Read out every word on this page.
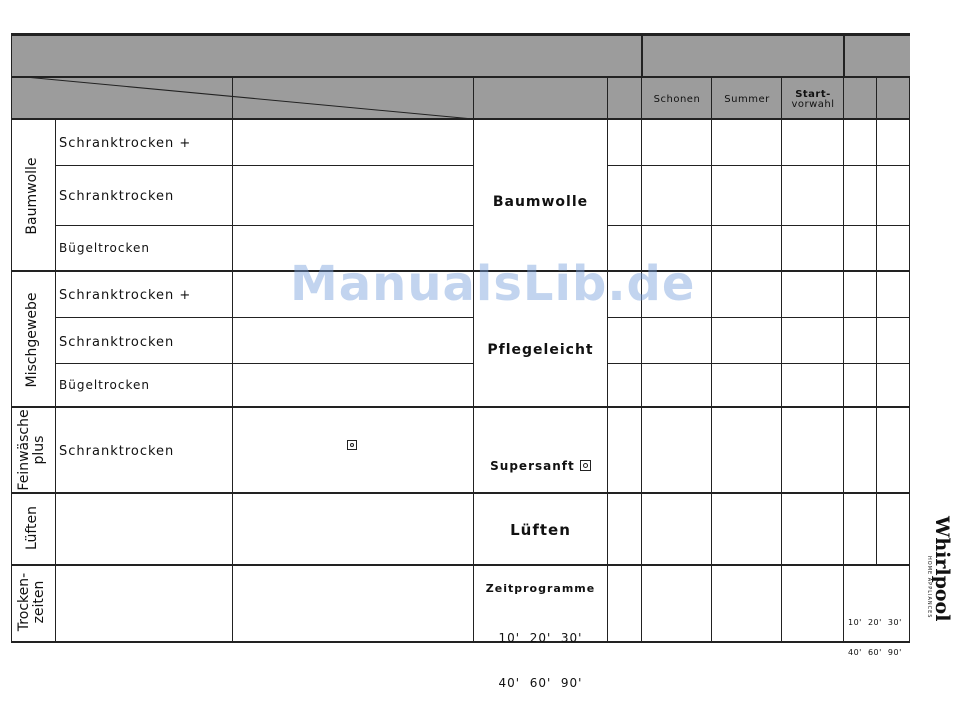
Schonen	Summer	Start-
vorwahl
Baumwolle
Mischgewebe
Feinwäsche plus
Lüften
Trocken- zeiten
Schranktrocken +
Schranktrocken
Bügeltrocken
Schranktrocken +
Schranktrocken
Bügeltrocken
Schranktrocken
Baumwolle
Pflegeleicht
Supersanft
Lüften
Zeitprogramme

10'  20'  30'

40'  60'  90'

10'  20'  30'

40'  60'  90'

ManualsLib.de
Whirlpool
HOME APPLIANCES
